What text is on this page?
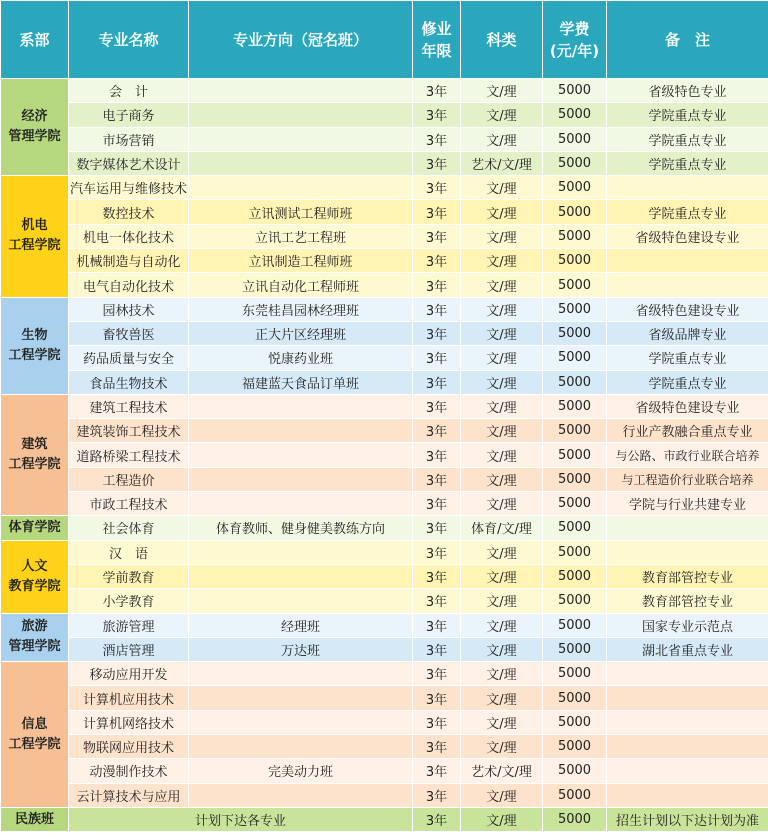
系部	专业名称	专业方向（冠名班）	修业
年限	科类	学费
(元/年)	备　注
经济
管理学院	会　计		3年	文/理	5000	省级特色专业
	电子商务		3年	文/理	5000	学院重点专业
	市场营销		3年	文/理	5000	学院重点专业
	数字媒体艺术设计		3年	艺术/文/理	5000	学院重点专业
机电
工程学院	汽车运用与维修技术		3年	文/理	5000	
	数控技术	立讯测试工程师班	3年	文/理	5000	学院重点专业
	机电一体化技术	立讯工艺工程班	3年	文/理	5000	省级特色建设专业
	机械制造与自动化	立讯制造工程师班	3年	文/理	5000	
	电气自动化技术	立讯自动化工程师班	3年	文/理	5000	
生物
工程学院	园林技术	东莞桂昌园林经理班	3年	文/理	5000	省级特色建设专业
	畜牧兽医	正大片区经理班	3年	文/理	5000	省级品牌专业
	药品质量与安全	悦康药业班	3年	文/理	5000	学院重点专业
	食品生物技术	福建蓝天食品订单班	3年	文/理	5000	学院重点专业
建筑
工程学院	建筑工程技术		3年	文/理	5000	省级特色建设专业
	建筑装饰工程技术		3年	文/理	5000	行业产教融合重点专业
	道路桥梁工程技术		3年	文/理	5000	与公路、市政行业联合培养
	工程造价		3年	文/理	5000	与工程造价行业联合培养
	市政工程技术		3年	文/理	5000	学院与行业共建专业
体育学院	社会体育	体育教师、健身健美教练方向	3年	体育/文/理	5000	
人文
教育学院	汉　语		3年	文/理	5000	
	学前教育		3年	文/理	5000	教育部管控专业
	小学教育		3年	文/理	5000	教育部管控专业
旅游
管理学院	旅游管理	经理班	3年	文/理	5000	国家专业示范点
	酒店管理	万达班	3年	文/理	5000	湖北省重点专业
信息
工程学院	移动应用开发		3年	文/理	5000	
	计算机应用技术		3年	文/理	5000	
	计算机网络技术		3年	文/理	5000	
	物联网应用技术		3年	文/理	5000	
	动漫制作技术	完美动力班	3年	艺术/文/理	5000	
	云计算技术与应用		3年	文/理	5000	
民族班	计划下达各专业		3年	文/理	5000	招生计划以下达计划为准
